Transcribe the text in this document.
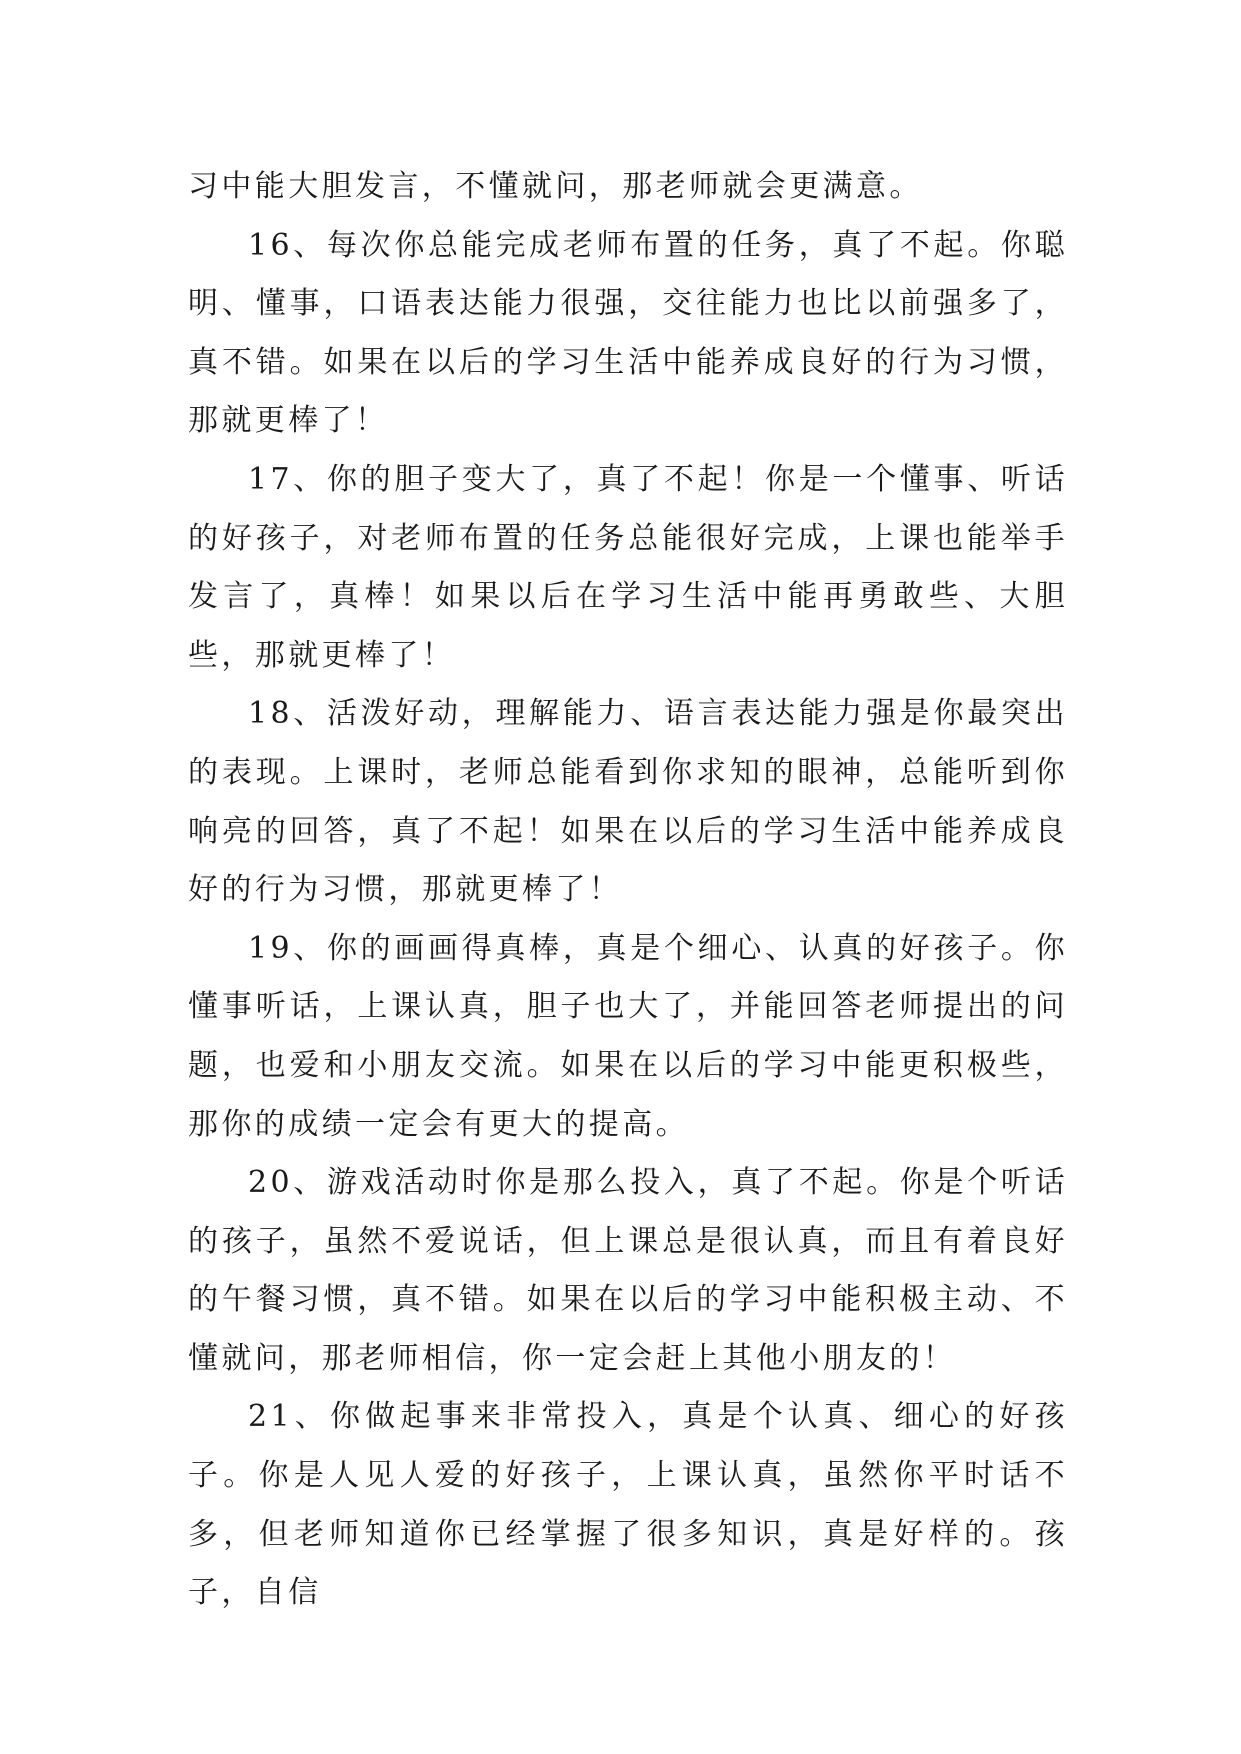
习中能大胆发言，不懂就问，那老师就会更满意。

16、每次你总能完成老师布置的任务，真了不起。你聪明、懂事，口语表达能力很强，交往能力也比以前强多了，真不错。如果在以后的学习生活中能养成良好的行为习惯，那就更棒了！

17、你的胆子变大了，真了不起！你是一个懂事、听话的好孩子，对老师布置的任务总能很好完成，上课也能举手发言了，真棒！如果以后在学习生活中能再勇敢些、大胆些，那就更棒了！

18、活泼好动，理解能力、语言表达能力强是你最突出的表现。上课时，老师总能看到你求知的眼神，总能听到你响亮的回答，真了不起！如果在以后的学习生活中能养成良好的行为习惯，那就更棒了！

19、你的画画得真棒，真是个细心、认真的好孩子。你懂事听话，上课认真，胆子也大了，并能回答老师提出的问题，也爱和小朋友交流。如果在以后的学习中能更积极些，那你的成绩一定会有更大的提高。

20、游戏活动时你是那么投入，真了不起。你是个听话的孩子，虽然不爱说话，但上课总是很认真，而且有着良好的午餐习惯，真不错。如果在以后的学习中能积极主动、不懂就问，那老师相信，你一定会赶上其他小朋友的！

21、你做起事来非常投入，真是个认真、细心的好孩子。你是人见人爱的好孩子，上课认真，虽然你平时话不多，但老师知道你已经掌握了很多知识，真是好样的。孩子，自信
